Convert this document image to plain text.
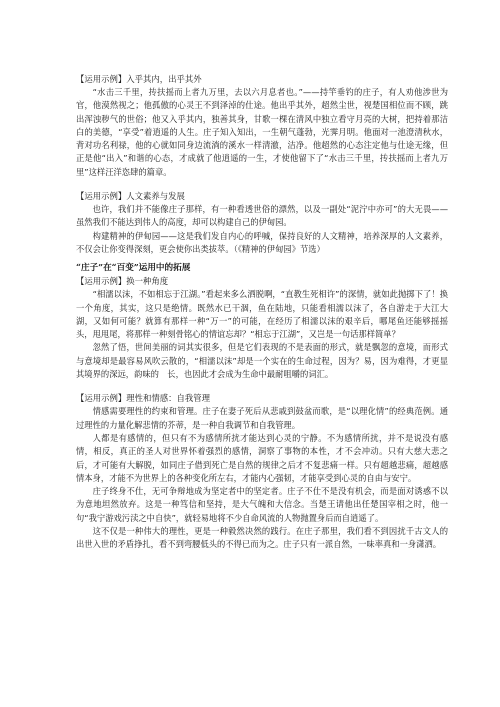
【运用示例】入乎其内，出乎其外

“水击三千里，抟扶摇而上者九万里，去以六月息者也。”——持竿垂钓的庄子，有人劝他涉世为官，他漠然视之；他孤傲的心灵王不到泽淖的仕途。他出乎其外，超然尘世，视楚国相位而不顾，跳出浑浊秽气的世俗；他又入乎其内，独善其身，甘歌一棵在清风中独立看守月亮的大树，把持着那洁白的美德，“享受”着逍遥的人生。庄子知入知出，一生朝气蓬勃，光霁月明。他面对一池澄清秋水，背对功名利禄，他的心就如同身边流淌的溪水一样清澈，洁净。他超然的心态注定他与仕途无缘，但正是他“出入”和谐的心态，才成就了他逍遥的一生，才使他留下了“水击三千里，抟扶摇而上者九万里”这样汪洋恣肆的篇章。

【运用示例】人文素养与发展

也许，我们并不能像庄子那样，有一种看透世俗的漂然，以及一副处“泥泞中亦可”的大无畏——虽然我们不能达到伟人的高度，却可以构建自己的伊甸园。

构建精神的伊甸园——这是我们发自内心的呼喊，保持良好的人文精神，培养深厚的人文素养，不仅会让你变得深刻，更会使你出类拔萃。（《精神的伊甸园》节选）

“庄子”在“百变”运用中的拓展

【运用示例】换一种角度

“相濡以沫，不如相忘于江湖。”看起来多么洒脱啊，“直教生死相许”的深情，就如此抛掷下了！换一个角度，其实，这只是绝情。既然水已干涸，鱼在陆地，只能看相濡以沫了，各自游走于大江大湖，又如何可能？就算有那样一种“万一”的可能，在经历了相濡以沫的艰辛后，哪尾鱼还能够摇摇头，甩甩尾，将那样一种刻骨铭心的情谊忘却？“相忘于江湖”，又岂是一句话那样简单？

忽然了悟，世间美丽的词其实很多，但是它们表现的不是表面的形式，就是飘忽的意境，而形式与意境却是最容易风吹云散的，“相濡以沫”却是一个实在的生命过程，因为？易，因为难得，才更显其境界的深远，韵味的　长，也因此才会成为生命中最耐咀嚼的词汇。

【运用示例】理性和情感：自我管理

情感需要理性的约束和管理。庄子在妻子死后从悲戚到鼓盆而歌，是“以理化情”的经典范例。通过理性的力量化解悲情的芥蒂，是一种自我调节和自我管理。

人都是有感情的，但只有不为感情所扰才能达到心灵的宁静。不为感情所扰，并不是说没有感情，相反，真正的圣人对世界怀着强烈的感情，洞察了事物的本性，才不会冲动。只有大慈大悲之后，才可能有大解脱，如同庄子借到死亡是自然的规律之后才不复悲痛一样。只有超越悲痛，超越感情本身，才能不为世界上的各种变化所左右，才能内心强韧，才能享受到心灵的自由与安宁。

庄子终身不仕，无可争辩地成为坚定者中的坚定者。庄子不仕不是没有机会，而是面对诱惑不以为意地坦然放弃。这是一种笃信和坚持，是大气魄和大信念。当楚王请他出任楚国宰相之时，他一句“我宁游戏污渎之中自快”，就轻易地将不少自命风流的人物抛置身后而自逍遥了。

这不仅是一种伟大的理性，更是一种毅然决然的践行。在庄子那里，我们看不到因扰千古文人的出世入世的矛盾挣扎，看不到弯腰低头的不得已而为之。庄子只有一派自然，一味率真和一身潇洒。
